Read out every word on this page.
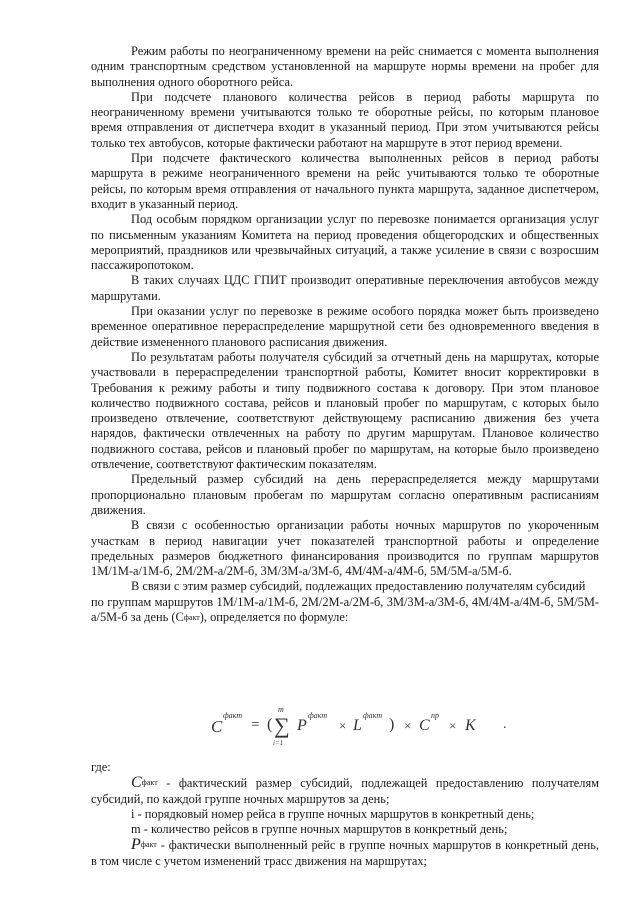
Режим работы по неограниченному времени на рейс снимается с момента выполнения одним транспортным средством установленной на маршруте нормы времени на пробег для выполнения одного оборотного рейса.

При подсчете планового количества рейсов в период работы маршрута по неограниченному времени учитываются только те оборотные рейсы, по которым плановое время отправления от диспетчера входит в указанный период. При этом учитываются рейсы только тех автобусов, которые фактически работают на маршруте в этот период времени.

При подсчете фактического количества выполненных рейсов в период работы маршрута в режиме неограниченного времени на рейс учитываются только те оборотные рейсы, по которым время отправления от начального пункта маршрута, заданное диспетчером, входит в указанный период.

Под особым порядком организации услуг по перевозке понимается организация услуг по письменным указаниям Комитета на период проведения общегородских и общественных мероприятий, праздников или чрезвычайных ситуаций, а также усиление в связи с возросшим пассажиропотоком.

В таких случаях ЦДС ГПИТ производит оперативные переключения автобусов между маршрутами.

При оказании услуг по перевозке в режиме особого порядка может быть произведено временное оперативное перераспределение маршрутной сети без одновременного введения в действие измененного планового расписания движения.

По результатам работы получателя субсидий за отчетный день на маршрутах, которые участвовали в перераспределении транспортной работы, Комитет вносит корректировки в Требования к режиму работы и типу подвижного состава к договору. При этом плановое количество подвижного состава, рейсов и плановый пробег по маршрутам, с которых было произведено отвлечение, соответствуют действующему расписанию движения без учета нарядов, фактически отвлеченных на работу по другим маршрутам. Плановое количество подвижного состава, рейсов и плановый пробег по маршрутам, на которые было произведено отвлечение, соответствуют фактическим показателям.

Предельный размер субсидий на день перераспределяется между маршрутами пропорционально плановым пробегам по маршрутам согласно оперативным расписаниям движения.

В связи с особенностью организации работы ночных маршрутов по укороченным участкам в период навигации учет показателей транспортной работы и определение предельных размеров бюджетного финансирования производится по группам маршрутов 1М/1М-а/1М-б, 2М/2М-а/2М-б, 3М/3М-а/3М-б, 4М/4М-а/4М-б, 5М/5М-а/5М-б.

В связи с этим размер субсидий, подлежащих предоставлению получателям субсидий

по группам маршрутов 1М/1М-а/1М-б, 2М/2М-а/2М-б, 3М/3М-а/3М-б, 4М/4М-а/4М-б, 5М/5М-а/5М-б за день $(С^{факт})$, определяется по формуле:

C
факт
= (
m
∑
i=1
P
факт
× L
факт
) × C
пр
× K .

где:

$C^{факт}$ - фактический размер субсидий, подлежащей предоставлению получателям субсидий, по каждой группе ночных маршрутов за день;

i - порядковый номер рейса в группе ночных маршрутов в конкретный день;

m - количество рейсов в группе ночных маршрутов в конкретный день;

$P^{факт}$ - фактически выполненный рейс в группе ночных маршрутов в конкретный день, в том числе с учетом изменений трасс движения на маршрутах;
